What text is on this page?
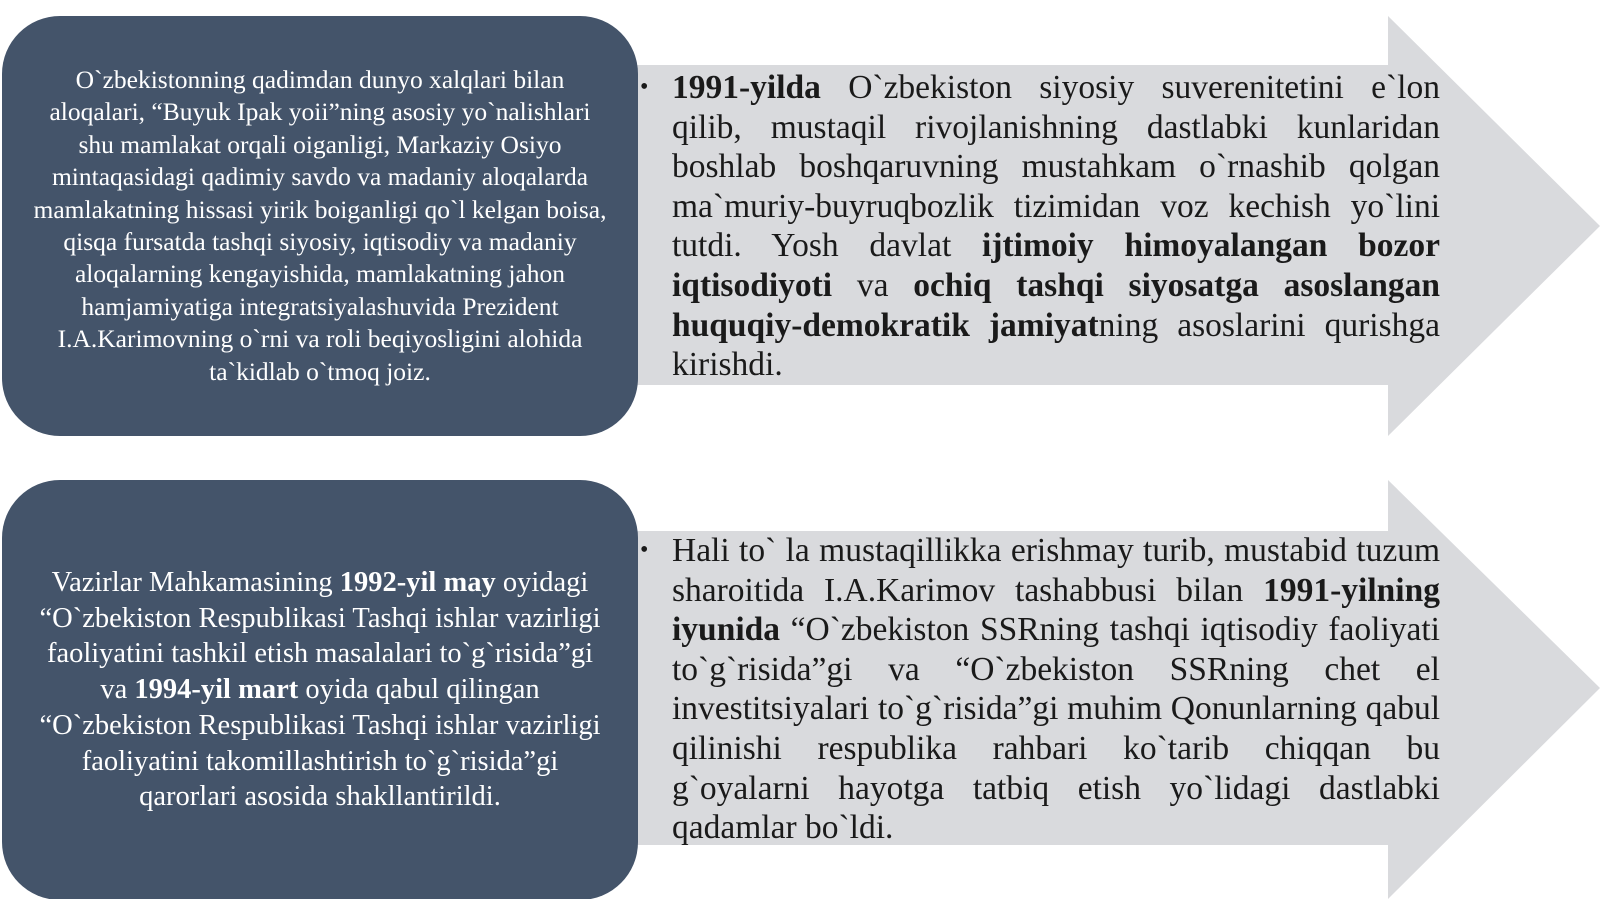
O`zbekistonning qadimdan dunyo xalqlari bilan aloqalari, “Buyuk Ipak yoii”ning asosiy yo`nalishlari shu mamlakat orqali oiganligi, Markaziy Osiyo mintaqasidagi qadimiy savdo va madaniy aloqalarda mamlakatning hissasi yirik boiganligi qo`l kelgan boisa, qisqa fursatda tashqi siyosiy, iqtisodiy va madaniy aloqalarning kengayishida, mamlakatning jahon hamjamiyatiga integratsiyalashuvida Prezident I.A.Karimovning o`rni va roli beqiyosligini alohida ta`kidlab o`tmoq joiz.

• 1991-yilda O`zbekiston siyosiy suverenitetini e`lon qilib, mustaqil rivojlanishning dastlabki kunlaridan boshlab boshqaruvning mustahkam o`rnashib qolgan ma`muriy-buyruqbozlik tizimidan voz kechish yo`lini tutdi. Yosh davlat ijtimoiy himoyalangan bozor iqtisodiyoti va ochiq tashqi siyosatga asoslangan huquqiy-demokratik jamiyatning asoslarini qurishga kirishdi.

Vazirlar Mahkamasining 1992-yil may oyidagi “O`zbekiston Respublikasi Tashqi ishlar vazirligi faoliyatini tashkil etish masalalari to`g`risida”gi va 1994-yil mart oyida qabul qilingan “O`zbekiston Respublikasi Tashqi ishlar vazirligi faoliyatini takomillashtirish to`g`risida”gi qarorlari asosida shakllantirildi.

• Hali to` la mustaqillikka erishmay turib, mustabid tuzum sharoitida I.A.Karimov tashabbusi bilan 1991-yilning iyunida “O`zbekiston SSRning tashqi iqtisodiy faoliyati to`g`risida”gi va “O`zbekiston SSRning chet el investitsiyalari to`g`risida”gi muhim Qonunlarning qabul qilinishi respublika rahbari ko`tarib chiqqan bu g`oyalarni hayotga tatbiq etish yo`lidagi dastlabki qadamlar bo`ldi.
